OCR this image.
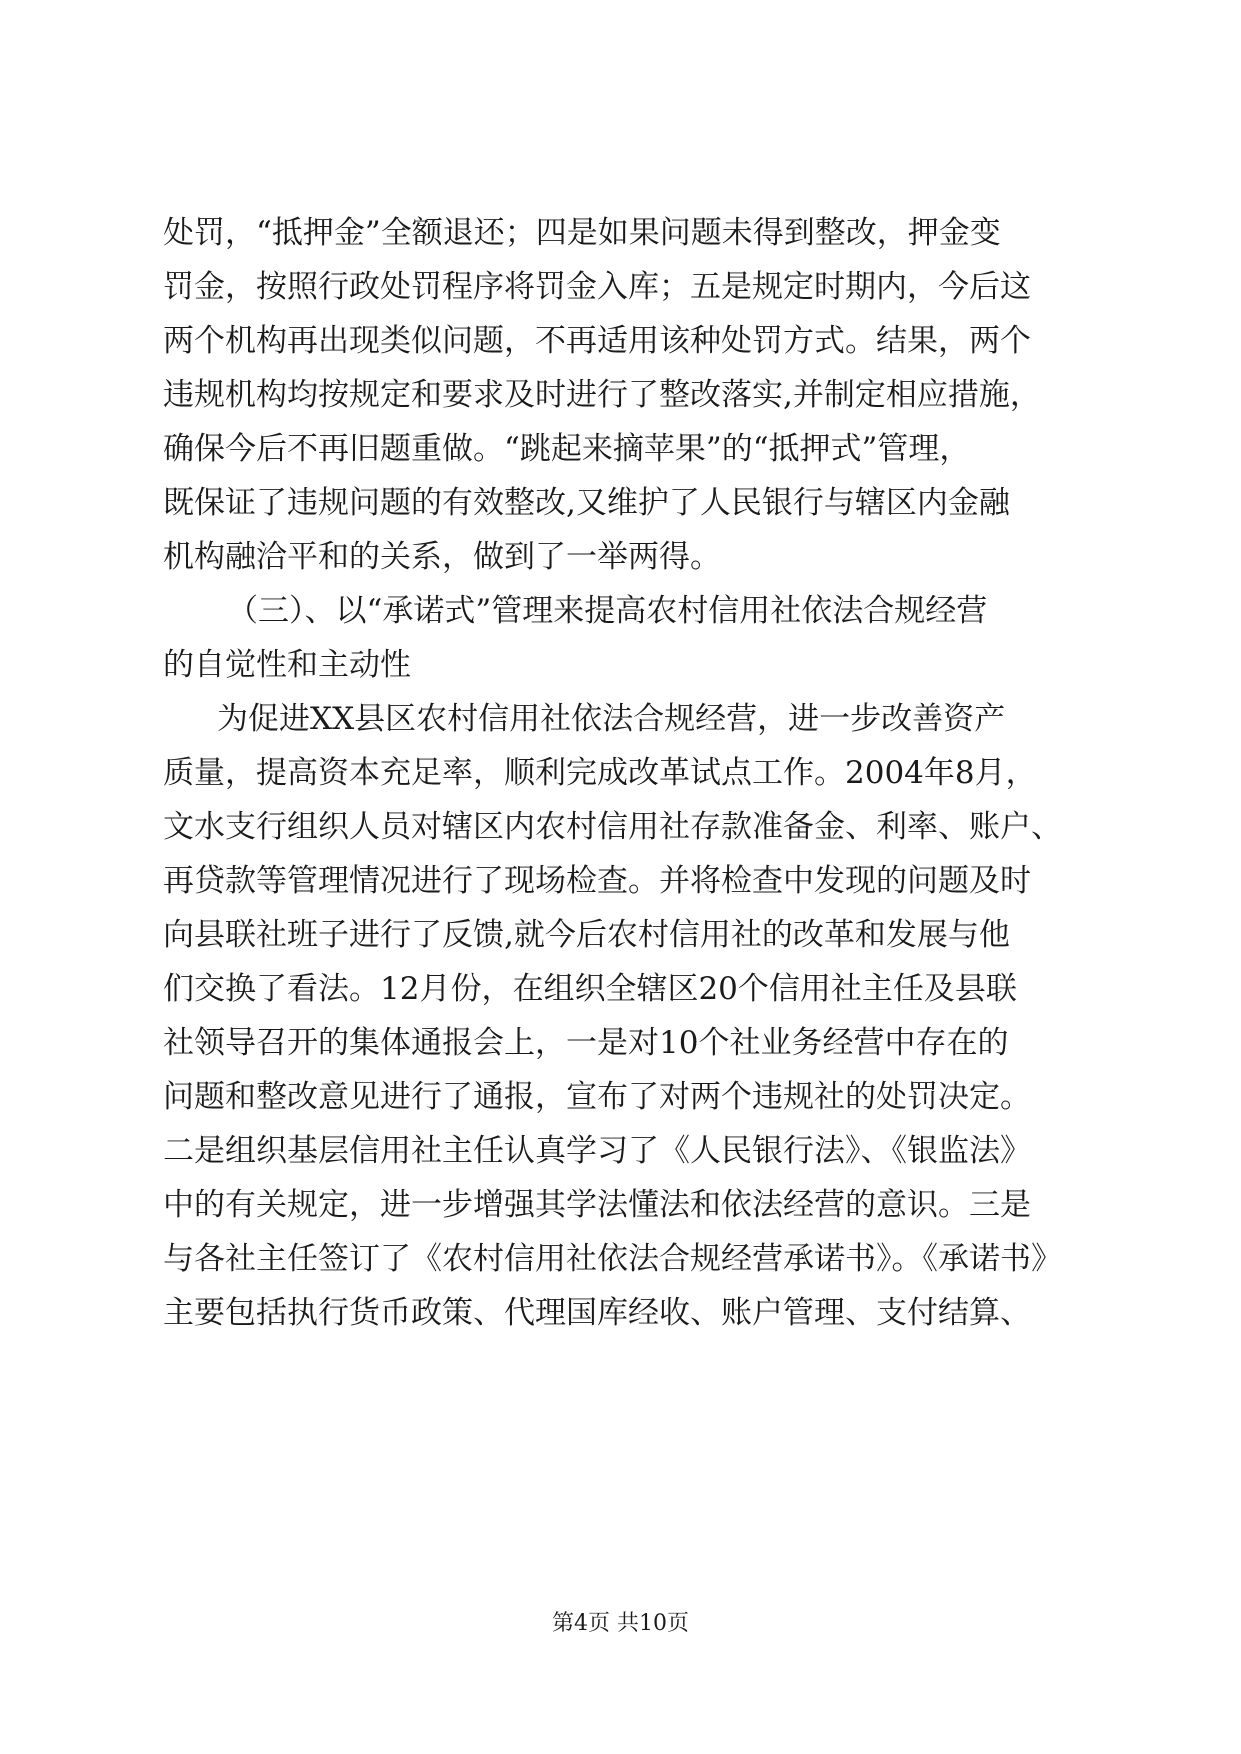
处罚，“抵押金”全额退还；四是如果问题未得到整改，押金变
罚金，按照行政处罚程序将罚金入库；五是规定时期内，今后这
两个机构再出现类似问题，不再适用该种处罚方式。结果，两个
违规机构均按规定和要求及时进行了整改落实,并制定相应措施，
确保今后不再旧题重做。“跳起来摘苹果”的“抵押式”管理，
既保证了违规问题的有效整改,又维护了人民银行与辖区内金融
机构融洽平和的关系，做到了一举两得。
（三）、以“承诺式”管理来提高农村信用社依法合规经营
的自觉性和主动性
为促进XX县区农村信用社依法合规经营，进一步改善资产
质量，提高资本充足率，顺利完成改革试点工作。2004年8月，
文水支行组织人员对辖区内农村信用社存款准备金、利率、账户、
再贷款等管理情况进行了现场检查。并将检查中发现的问题及时
向县联社班子进行了反馈,就今后农村信用社的改革和发展与他
们交换了看法。12月份，在组织全辖区20个信用社主任及县联
社领导召开的集体通报会上，一是对10个社业务经营中存在的
问题和整改意见进行了通报，宣布了对两个违规社的处罚决定。
二是组织基层信用社主任认真学习了《人民银行法》、《银监法》
中的有关规定，进一步增强其学法懂法和依法经营的意识。三是
与各社主任签订了《农村信用社依法合规经营承诺书》。《承诺书》
主要包括执行货币政策、代理国库经收、账户管理、支付结算、
第4页 共10页
